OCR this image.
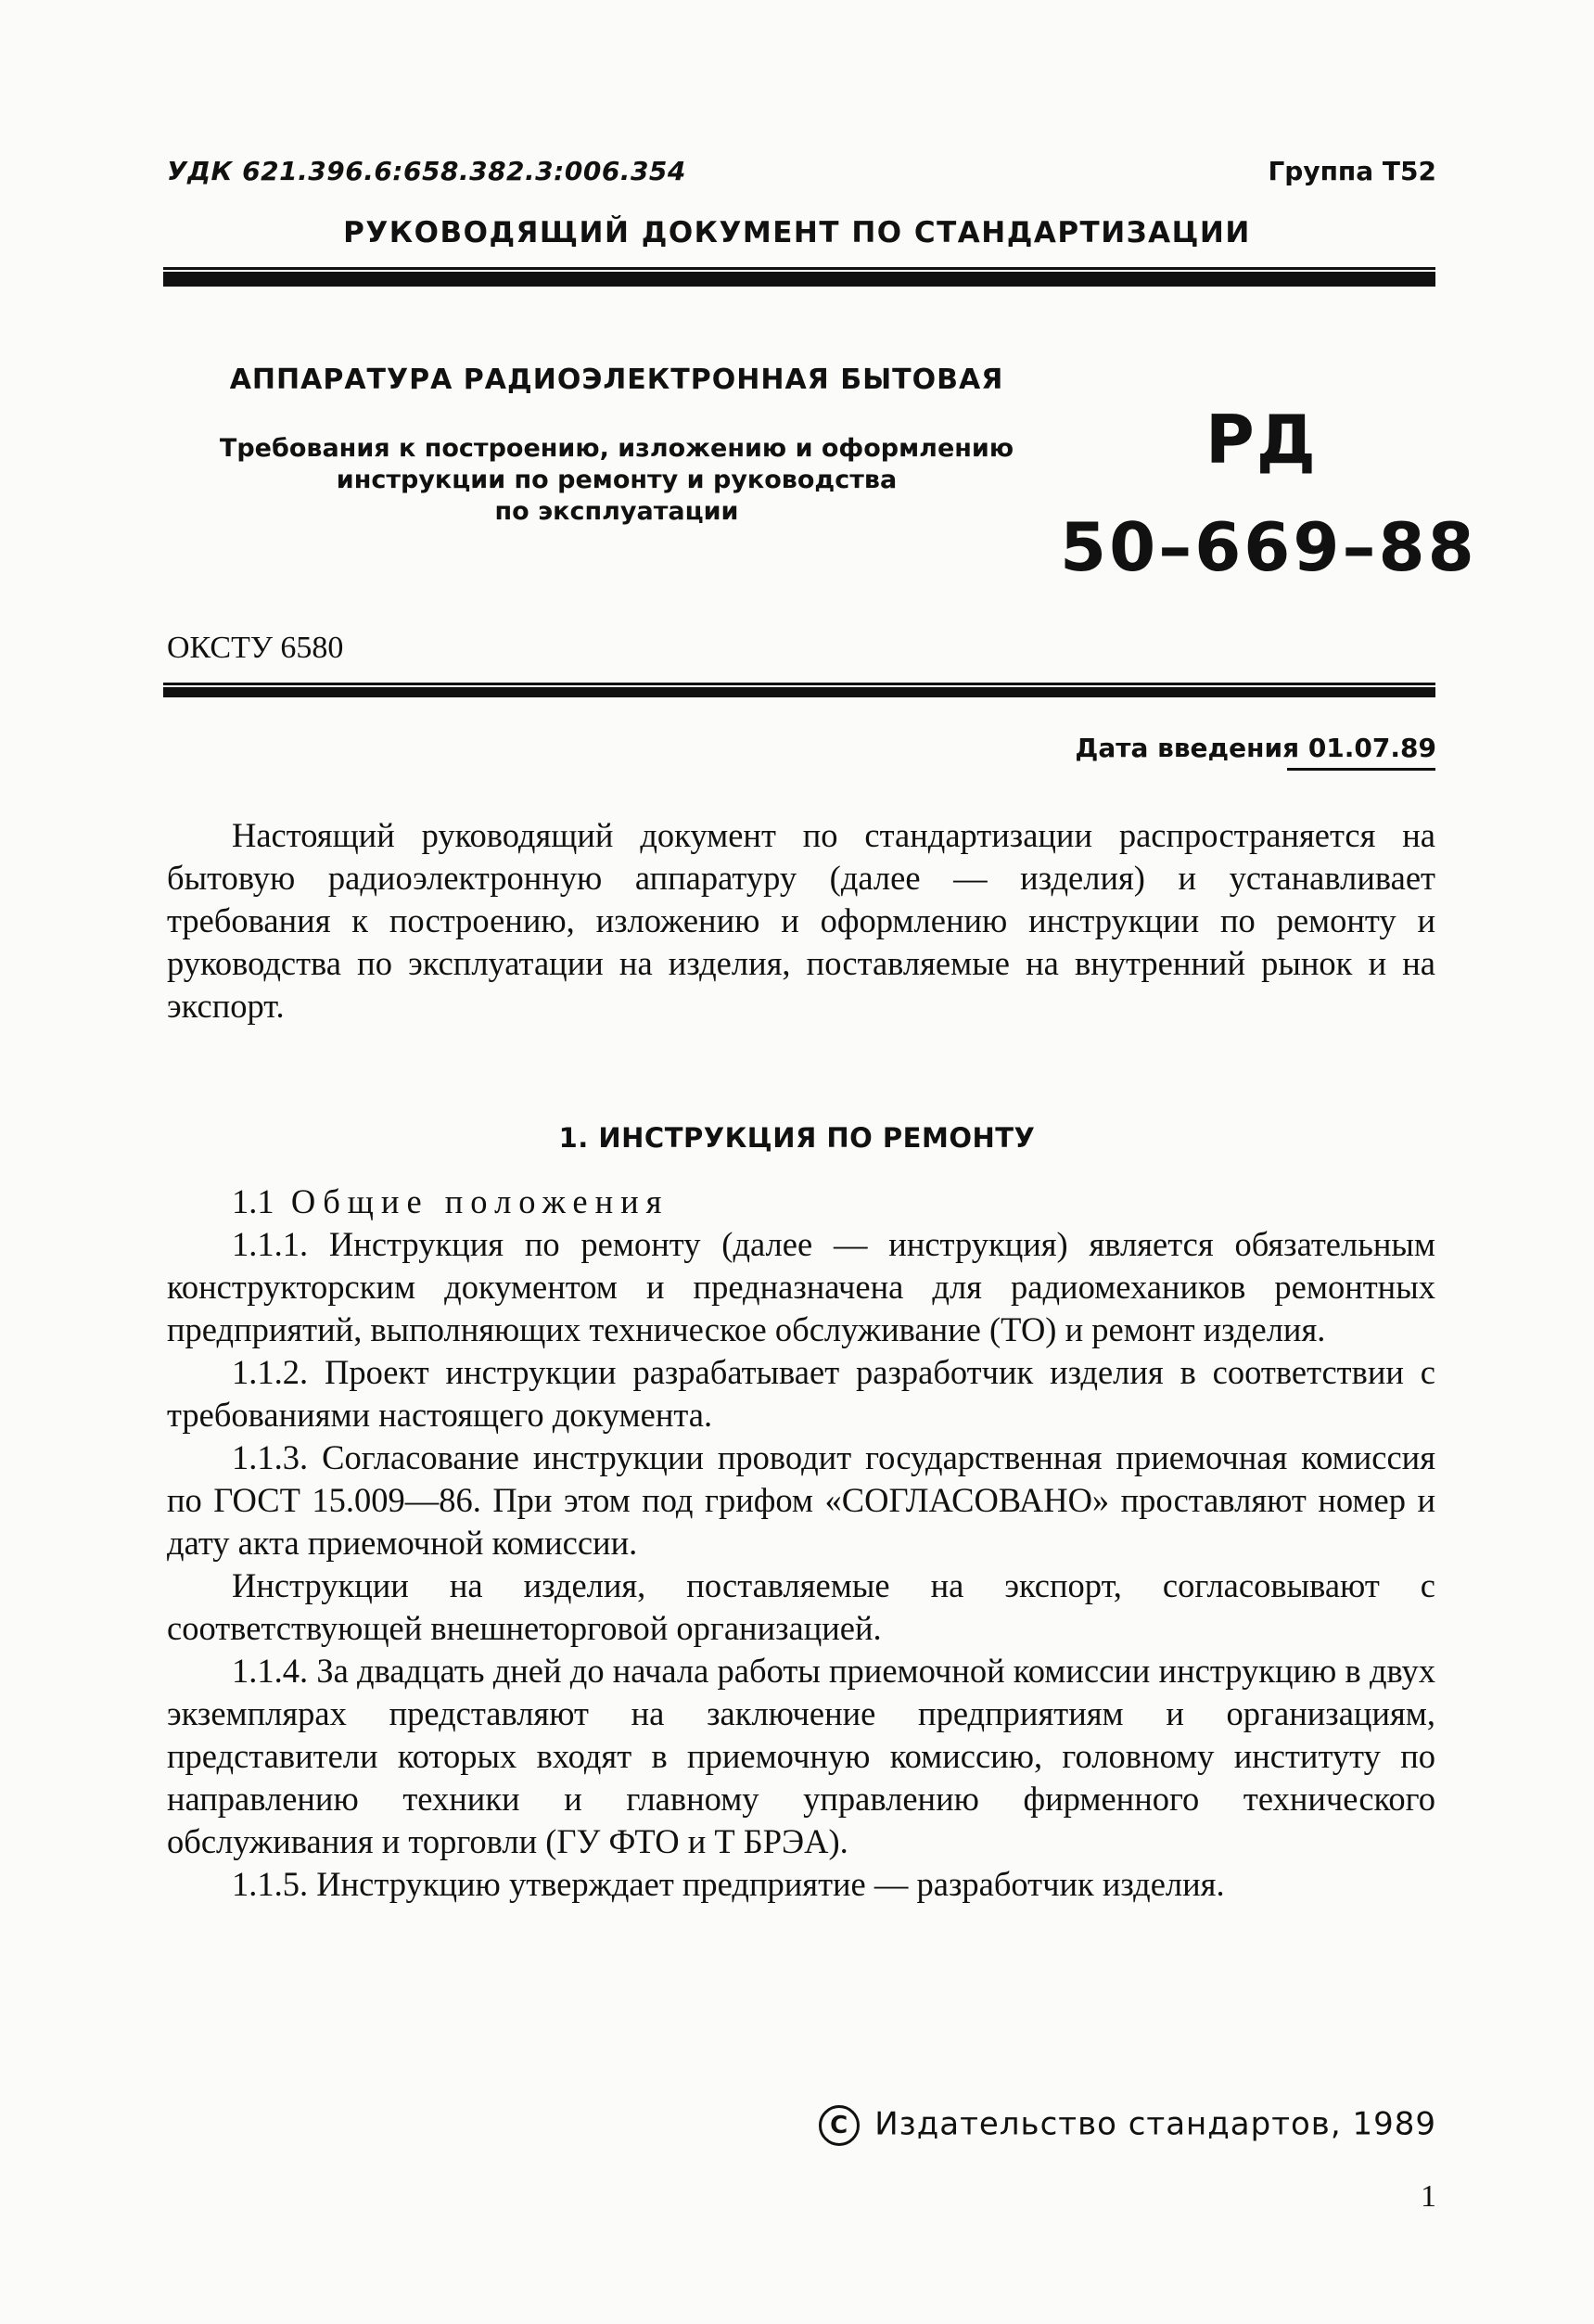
УДК 621.396.6:658.382.3:006.354	Группа Т52
РУКОВОДЯЩИЙ ДОКУМЕНТ ПО СТАНДАРТИЗАЦИИ
АППАРАТУРА РАДИОЭЛЕКТРОННАЯ БЫТОВАЯ
Требования к построению, изложению и оформлению
инструкции по ремонту и руководства
по эксплуатации
РД
50–669–88
ОКСТУ 6580
Дата введения 01.07.89

Настоящий руководящий документ по стандартизации распространяется на бытовую радиоэлектронную аппаратуру (далее — изделия) и устанавливает требования к построению, изложению и оформлению инструкции по ремонту и руководства по эксплуатации на изделия, поставляемые на внутренний рынок и на экспорт.

1. ИНСТРУКЦИЯ ПО РЕМОНТУ

1.1 Общие положения

1.1.1. Инструкция по ремонту (далее — инструкция) является обязательным конструкторским документом и предназначена для радиомехаников ремонтных предприятий, выполняющих техническое обслуживание (ТО) и ремонт изделия.

1.1.2. Проект инструкции разрабатывает разработчик изделия в соответствии с требованиями настоящего документа.

1.1.3. Согласование инструкции проводит государственная приемочная комиссия по ГОСТ 15.009—86. При этом под грифом «СОГЛАСОВАНО» проставляют номер и дату акта приемочной комиссии.

Инструкции на изделия, поставляемые на экспорт, согласовывают с соответствующей внешнеторговой организацией.

1.1.4. За двадцать дней до начала работы приемочной комиссии инструкцию в двух экземплярах представляют на заключение предприятиям и организациям, представители которых входят в приемочную комиссию, головному институту по направлению техники и главному управлению фирменного технического обслуживания и торговли (ГУ ФТО и Т БРЭА).

1.1.5. Инструкцию утверждает предприятие — разработчик изделия.

C Издательство стандартов, 1989
1
